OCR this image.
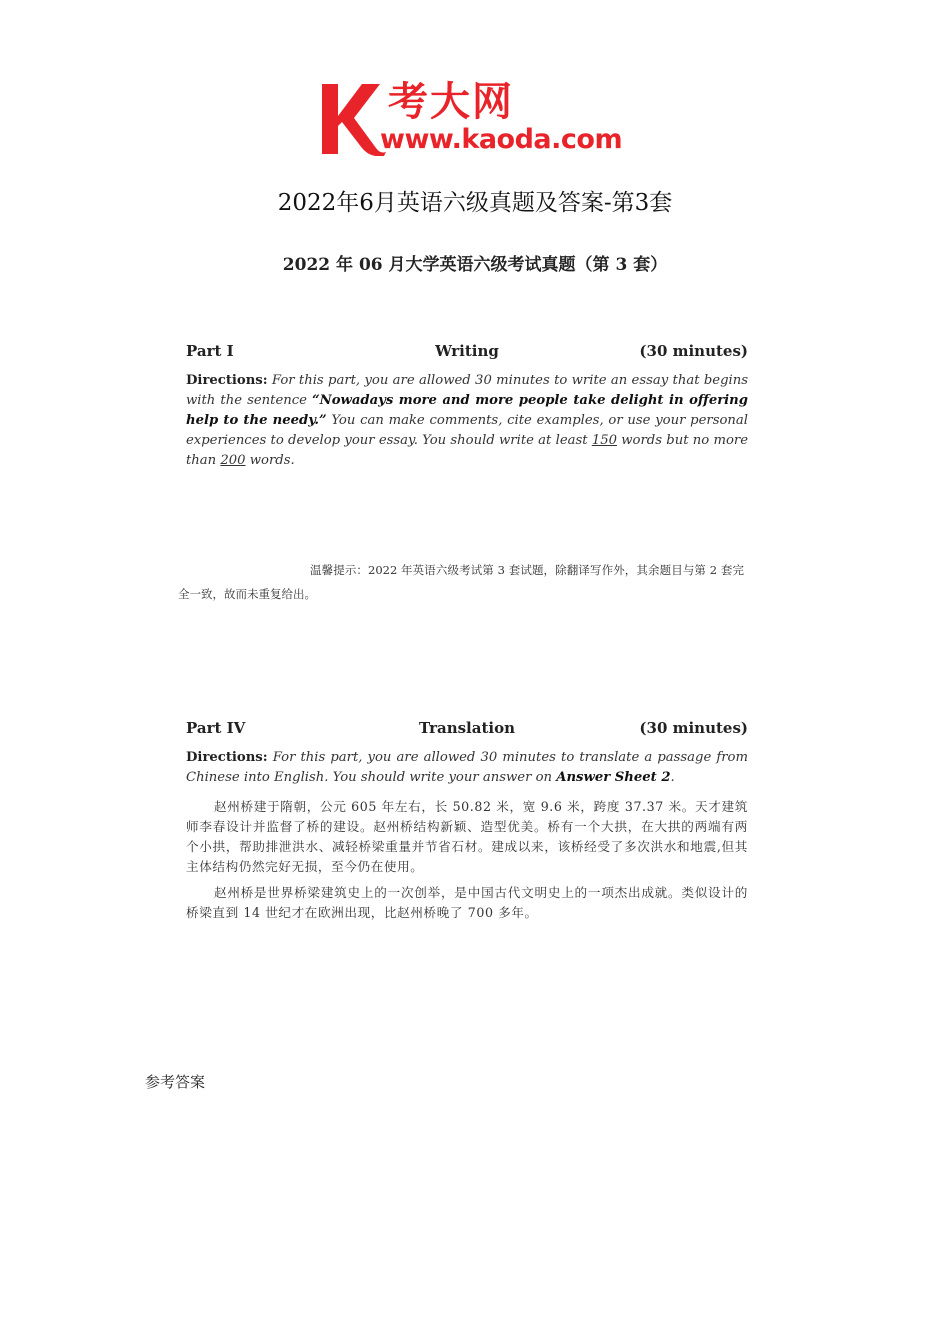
考大网
www.kaoda.com
2022年6月英语六级真题及答案-第3套
2022 年 06 月大学英语六级考试真题（第 3 套）
Part I	Writing	(30 minutes)
Directions: For this part, you are allowed 30 minutes to write an essay that begins with the sentence “Nowadays more and more people take delight in offering help to the needy.” You can make comments, cite examples, or use your personal experiences to develop your essay. You should write at least 150 words but no more than 200 words.
温馨提示：2022 年英语六级考试第 3 套试题，除翻译写作外，其余题目与第 2 套完全一致，故而未重复给出。
Part IV	Translation	(30 minutes)
Directions: For this part, you are allowed 30 minutes to translate a passage from Chinese into English. You should write your answer on Answer Sheet 2.
赵州桥建于隋朝，公元 605 年左右，长 50.82 米，宽 9.6 米，跨度 37.37 米。天才建筑师李春设计并监督了桥的建设。赵州桥结构新颖、造型优美。桥有一个大拱，在大拱的两端有两个小拱，帮助排泄洪水、减轻桥梁重量并节省石材。建成以来，该桥经受了多次洪水和地震,但其主体结构仍然完好无损，至今仍在使用。
赵州桥是世界桥梁建筑史上的一次创举，是中国古代文明史上的一项杰出成就。类似设计的桥梁直到 14 世纪才在欧洲出现，比赵州桥晚了 700 多年。
参考答案
